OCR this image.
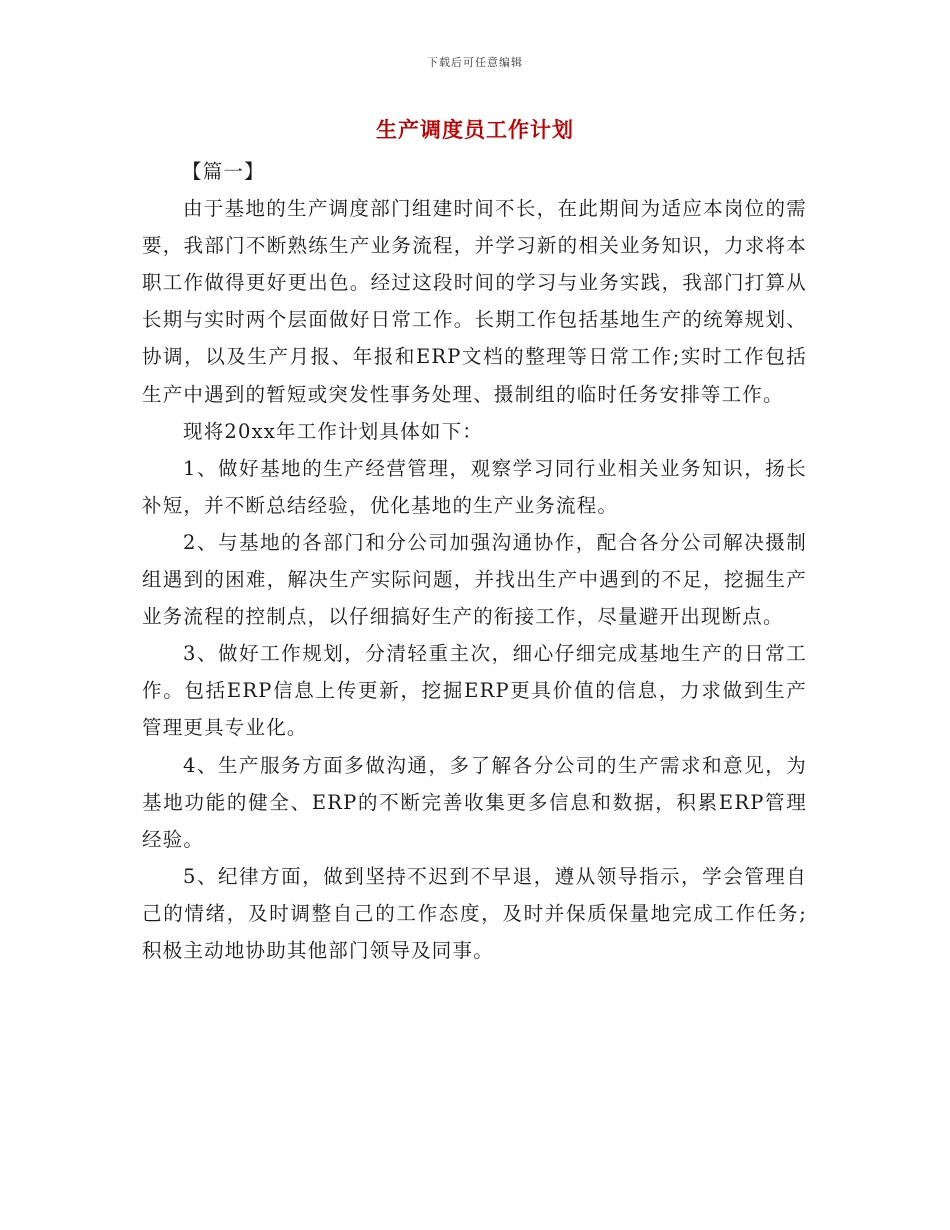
下载后可任意编辑
生产调度员工作计划

【篇一】

由于基地的生产调度部门组建时间不长，在此期间为适应本岗位的需要，我部门不断熟练生产业务流程，并学习新的相关业务知识，力求将本职工作做得更好更出色。经过这段时间的学习与业务实践，我部门打算从长期与实时两个层面做好日常工作。长期工作包括基地生产的统筹规划、协调，以及生产月报、年报和ERP文档的整理等日常工作;实时工作包括生产中遇到的暂短或突发性事务处理、摄制组的临时任务安排等工作。

现将20xx年工作计划具体如下：

1、做好基地的生产经营管理，观察学习同行业相关业务知识，扬长补短，并不断总结经验，优化基地的生产业务流程。

2、与基地的各部门和分公司加强沟通协作，配合各分公司解决摄制组遇到的困难，解决生产实际问题，并找出生产中遇到的不足，挖掘生产业务流程的控制点，以仔细搞好生产的衔接工作，尽量避开出现断点。

3、做好工作规划，分清轻重主次，细心仔细完成基地生产的日常工作。包括ERP信息上传更新，挖掘ERP更具价值的信息，力求做到生产管理更具专业化。

4、生产服务方面多做沟通，多了解各分公司的生产需求和意见，为基地功能的健全、ERP的不断完善收集更多信息和数据，积累ERP管理经验。

5、纪律方面，做到坚持不迟到不早退，遵从领导指示，学会管理自己的情绪，及时调整自己的工作态度，及时并保质保量地完成工作任务;积极主动地协助其他部门领导及同事。
